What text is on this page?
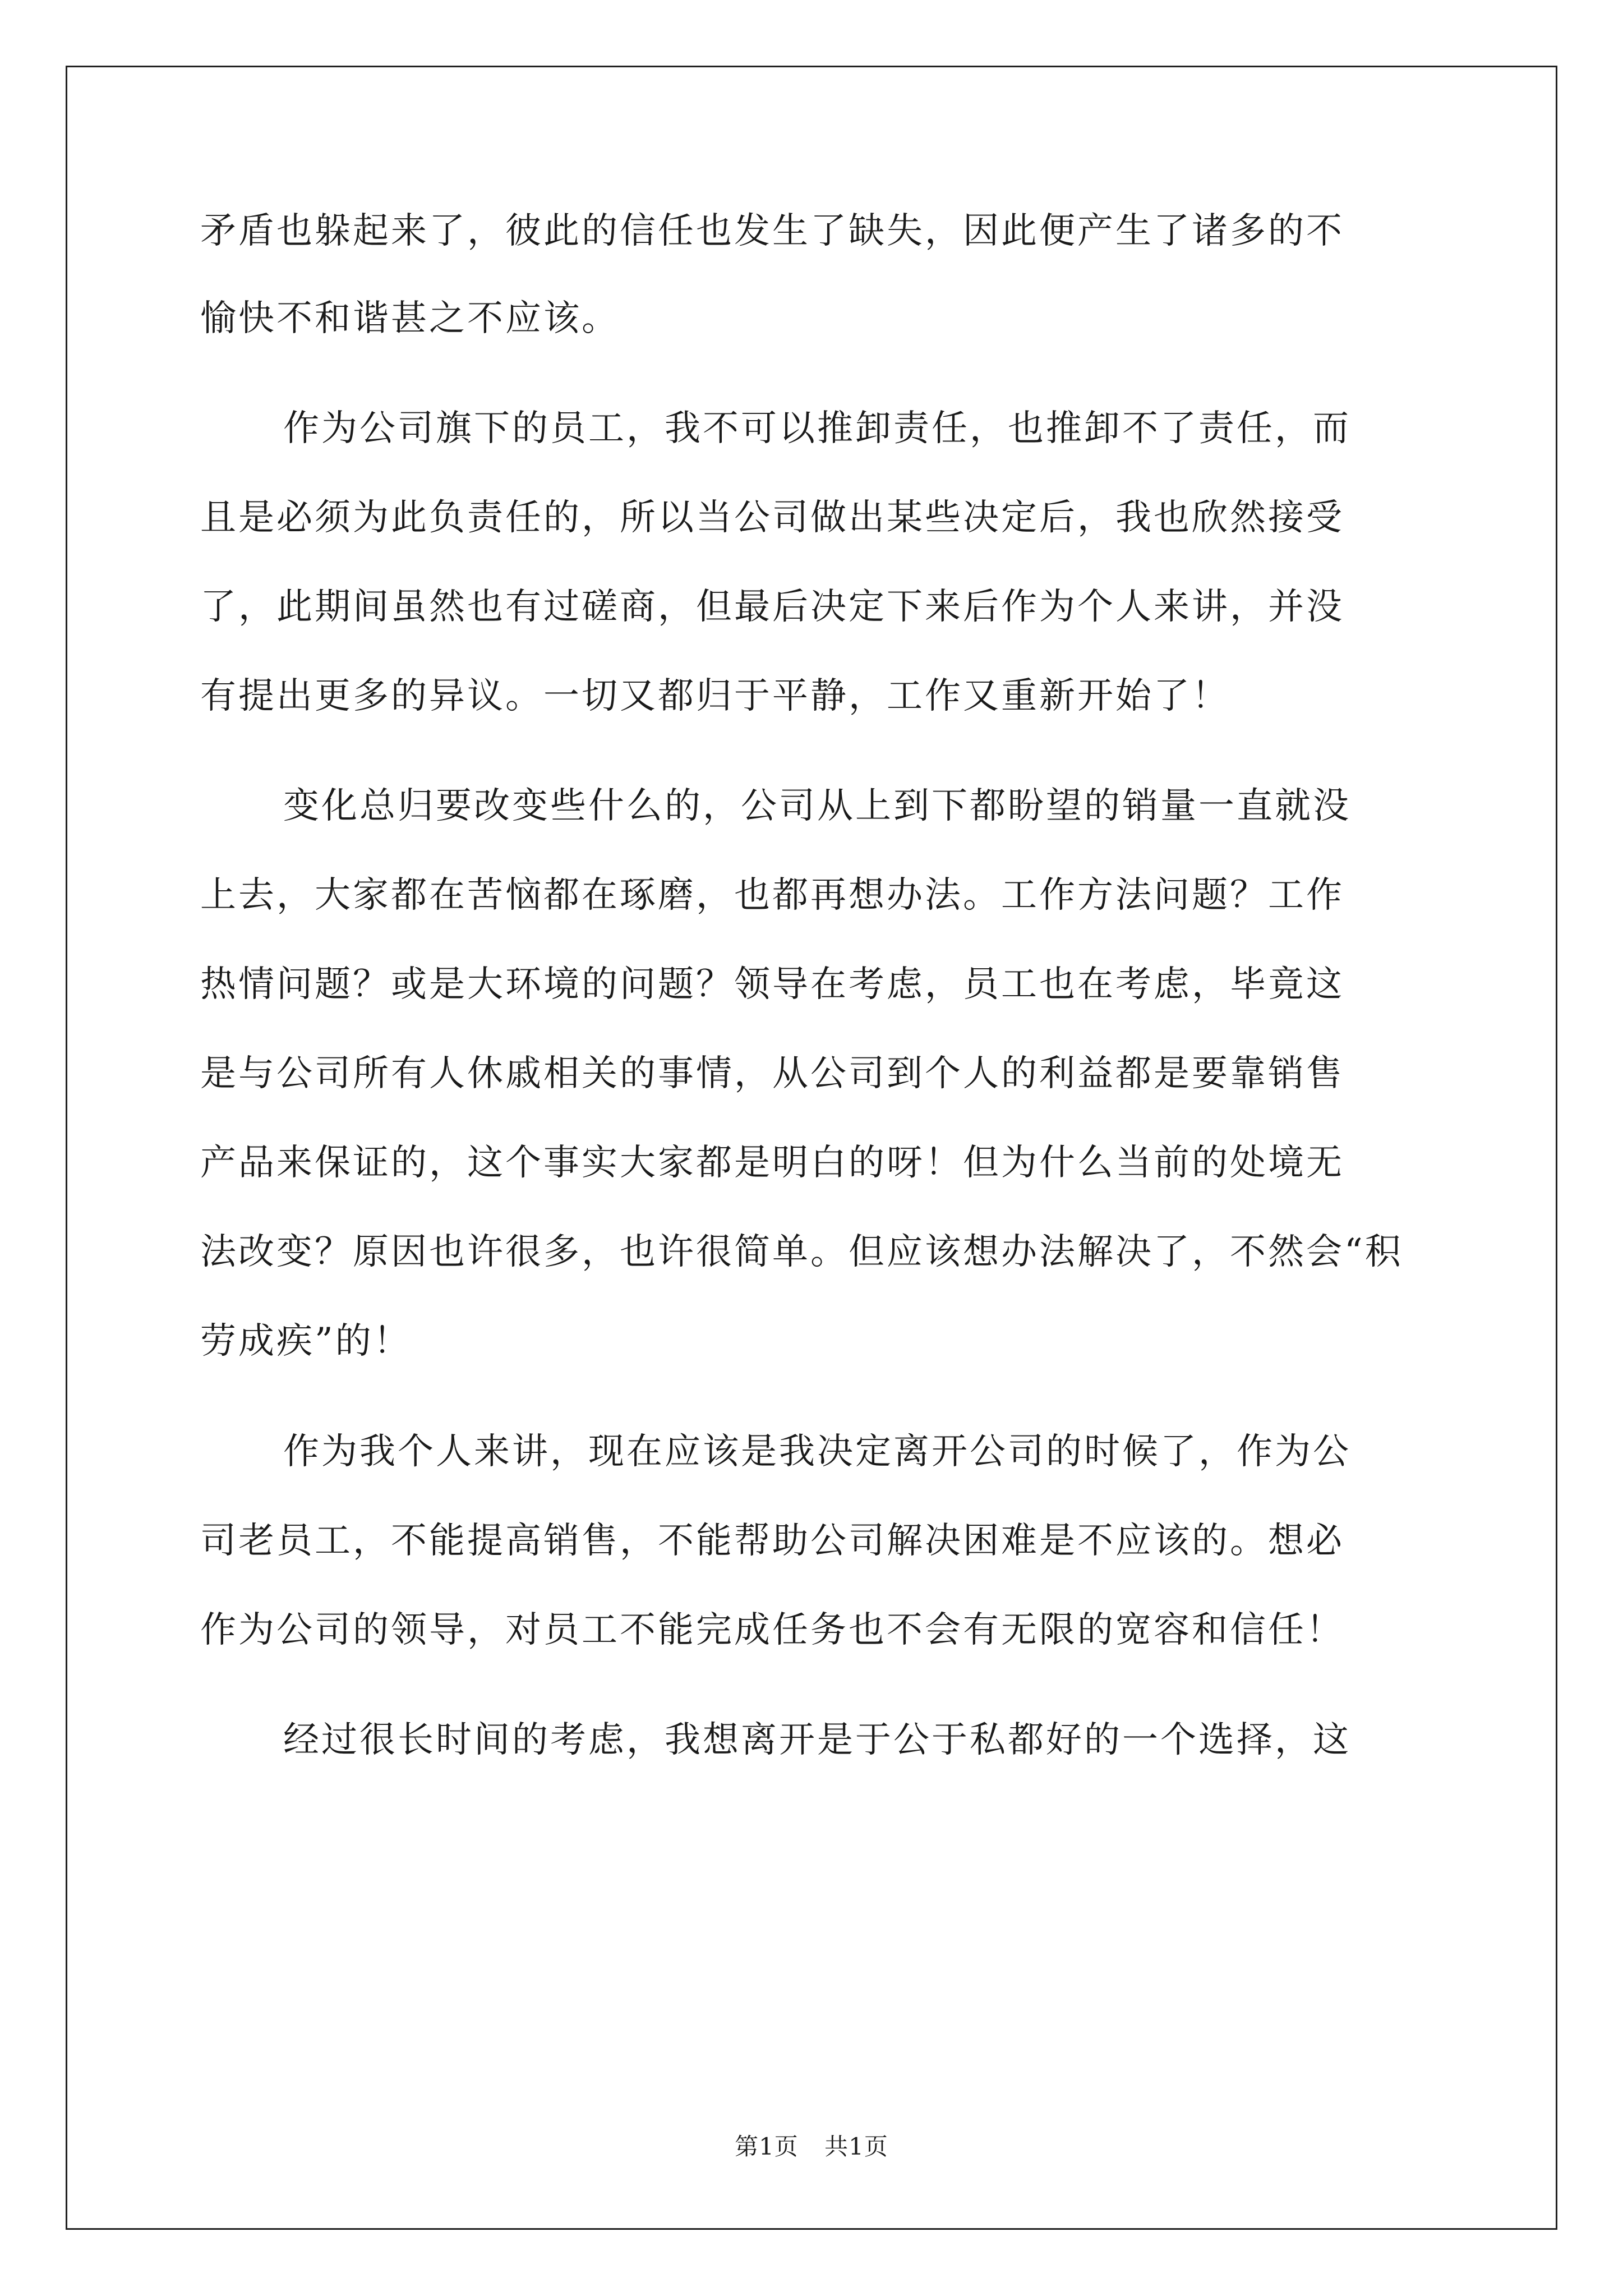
矛盾也躲起来了，彼此的信任也发生了缺失，因此便产生了诸多的不
愉快不和谐甚之不应该。
作为公司旗下的员工，我不可以推卸责任，也推卸不了责任，而
且是必须为此负责任的，所以当公司做出某些决定后，我也欣然接受
了，此期间虽然也有过磋商，但最后决定下来后作为个人来讲，并没
有提出更多的异议。一切又都归于平静，工作又重新开始了！
变化总归要改变些什么的，公司从上到下都盼望的销量一直就没
上去，大家都在苦恼都在琢磨，也都再想办法。工作方法问题？工作
热情问题？或是大环境的问题？领导在考虑，员工也在考虑，毕竟这
是与公司所有人休戚相关的事情，从公司到个人的利益都是要靠销售
产品来保证的，这个事实大家都是明白的呀！但为什么当前的处境无
法改变？原因也许很多，也许很简单。但应该想办法解决了，不然会“积
劳成疾”的！
作为我个人来讲，现在应该是我决定离开公司的时候了，作为公
司老员工，不能提高销售，不能帮助公司解决困难是不应该的。想必
作为公司的领导，对员工不能完成任务也不会有无限的宽容和信任！
经过很长时间的考虑，我想离开是于公于私都好的一个选择，这
第1页 共1页
